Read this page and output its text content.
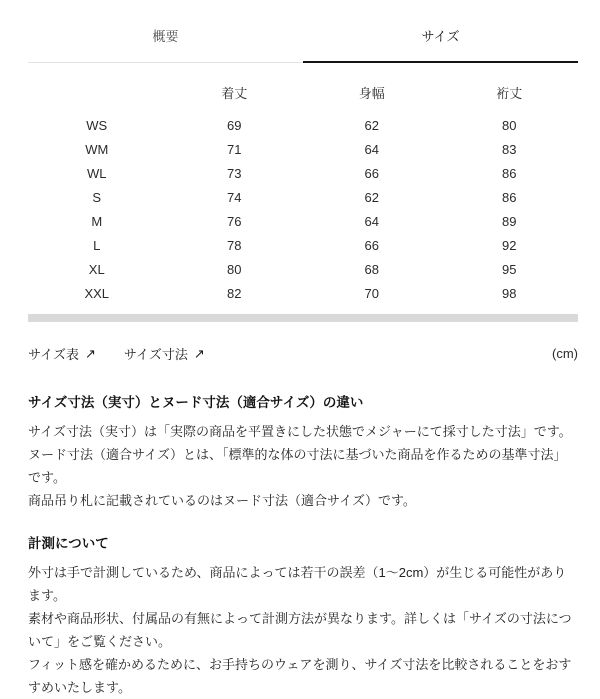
概要	サイズ
	着丈	身幅	裄丈
WS	69	62	80
WM	71	64	83
WL	73	66	86
S	74	62	86
M	76	64	89
L	78	66	92
XL	80	68	95
XXL	82	70	98
サイズ表 ↗ サイズ寸法 ↗	(cm)
サイズ寸法（実寸）とヌード寸法（適合サイズ）の違い

サイズ寸法（実寸）は「実際の商品を平置きにした状態でメジャーにて採寸した寸法」です。

ヌード寸法（適合サイズ）とは、「標準的な体の寸法に基づいた商品を作るための基準寸法」です。

商品吊り札に記載されているのはヌード寸法（適合サイズ）です。

計測について

外寸は手で計測しているため、商品によっては若干の誤差（1～2cm）が生じる可能性があります。

素材や商品形状、付属品の有無によって計測方法が異なります。詳しくは「サイズの寸法について」をご覧ください。

フィット感を確かめるために、お手持ちのウェアを測り、サイズ寸法を比較されることをおすすめいたします。
